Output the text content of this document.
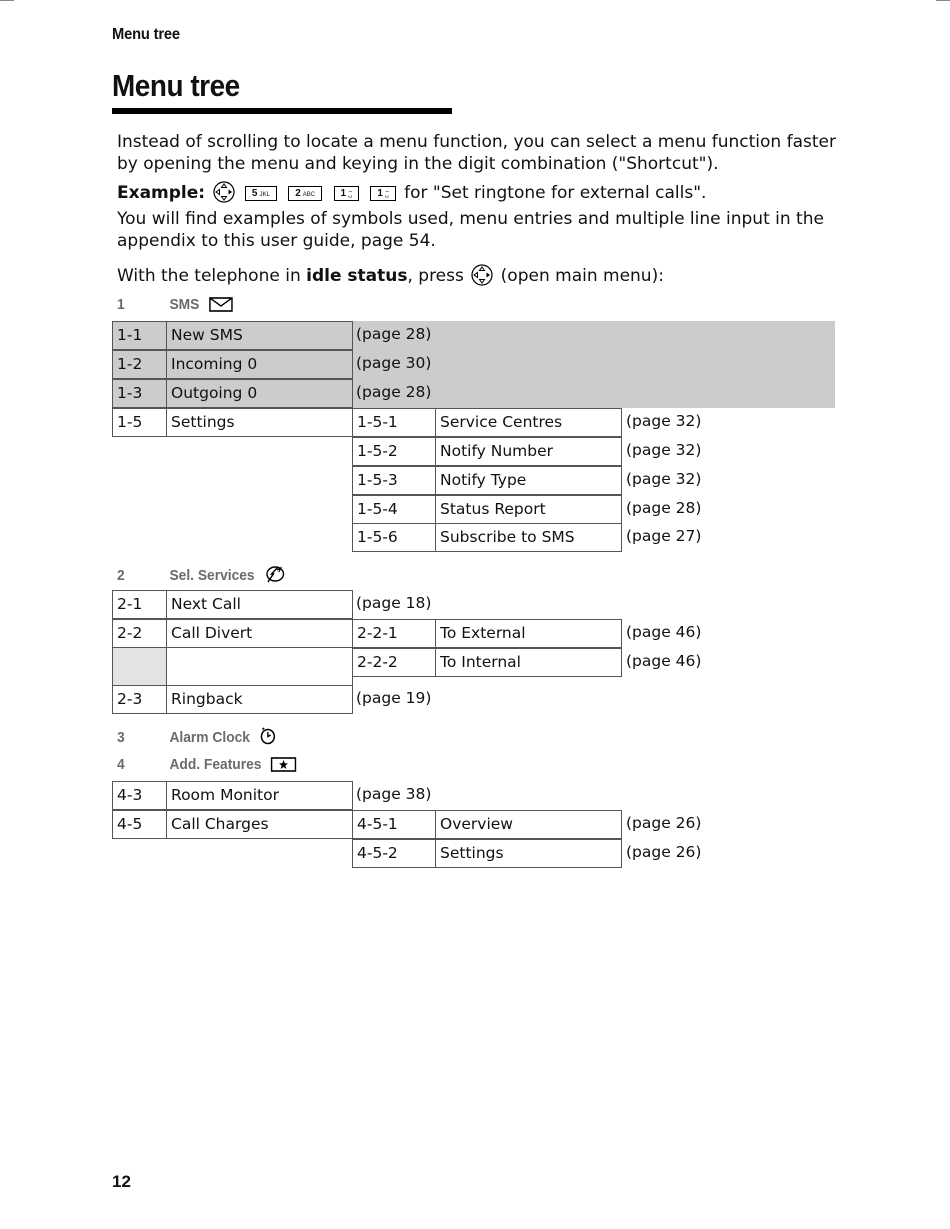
Menu tree
Menu tree
Instead of scrolling to locate a menu function, you can select a menu function faster by opening the menu and keying in the digit combination ("Shortcut").
Example:	5 JKL	2 ABC	1 ␣̅	1 ␣̅ for "Set ringtone for external calls".
You will find examples of symbols used, menu entries and multiple line input in the appendix to this user guide, page 54.
With the telephone in idle status, press (open main menu):
1	SMS
1-1	New SMS	(page 28)
1-2	Incoming 0	(page 30)
1-3	Outgoing 0	(page 28)
1-5	Settings	1-5-1	Service Centres	(page 32)
1-5-2	Notify Number	(page 32)
1-5-3	Notify Type	(page 32)
1-5-4	Status Report	(page 28)
1-5-6	Subscribe to SMS	(page 27)
2	Sel. Services
2-1	Next Call	(page 18)
2-2	Call Divert	2-2-1	To External	(page 46)
2-2-2	To Internal	(page 46)
2-3	Ringback	(page 19)
3	Alarm Clock
4	Add. Features
4-3	Room Monitor	(page 38)
4-5	Call Charges	4-5-1	Overview	(page 26)
4-5-2	Settings	(page 26)
12
